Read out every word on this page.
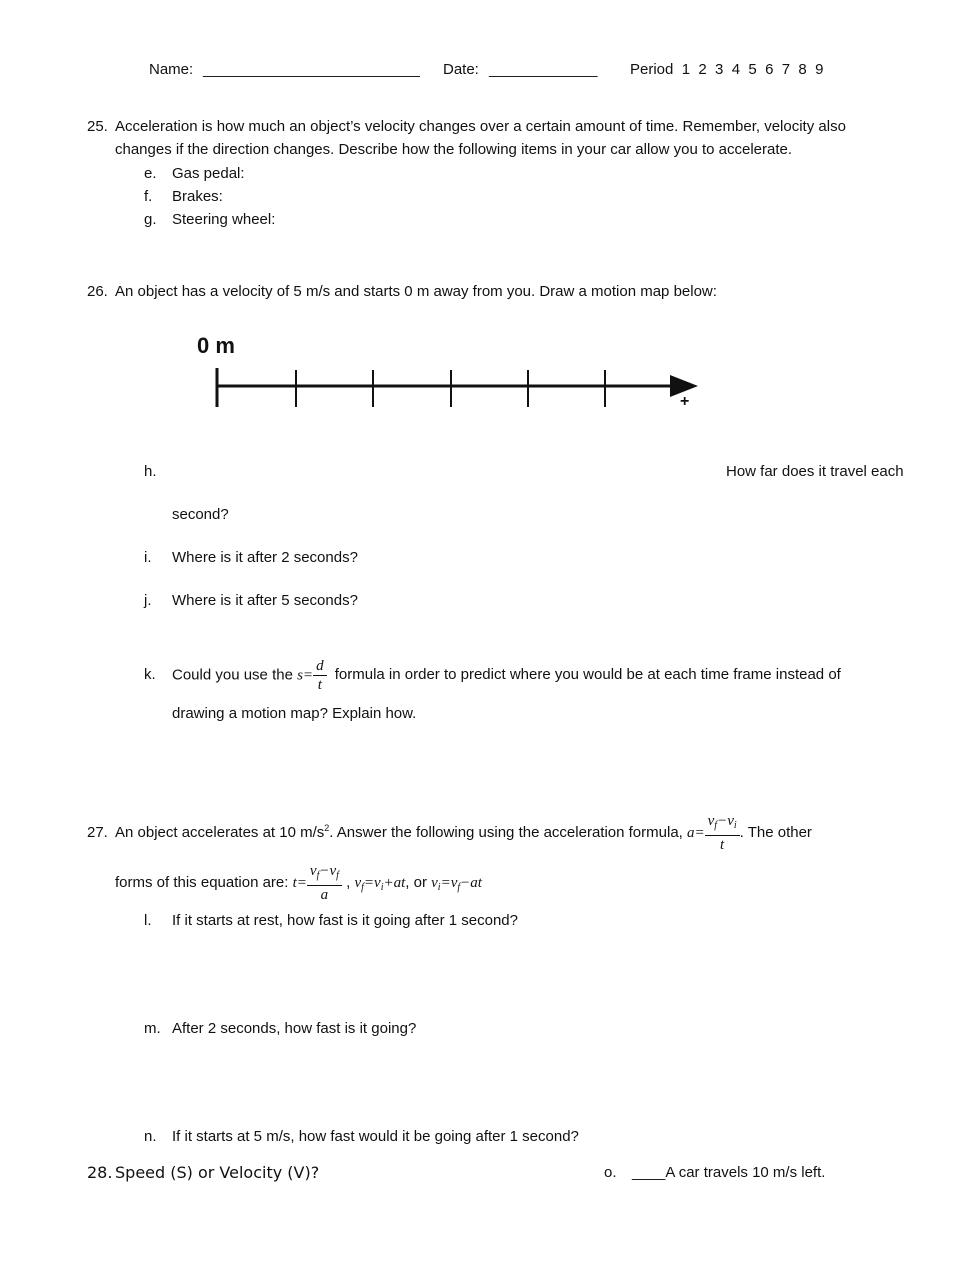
Name: __________________________ Date: _____________ Period  1  2  3  4  5  6  7  8  9
25. Acceleration is how much an object’s velocity changes over a certain amount of time. Remember, velocity also
changes if the direction changes. Describe how the following items in your car allow you to accelerate.
e. Gas pedal:
f. Brakes:
g. Steering wheel:
26. An object has a velocity of 5 m/s and starts 0 m away from you. Draw a motion map below:
0 m
+
h.	How far does it travel each
second?
i. Where is it after 2 seconds?
j. Where is it after 5 seconds?
k. Could you use the $s= \frac{d}{t}$ formula in order to predict where you would be at each time frame instead of
drawing a motion map? Explain how.
27. An object accelerates at 10 $m/s^2$. Answer the following using the acceleration formula, $a= \frac{v_f-v_i}{t}$ . The other
forms of this equation are: $t= \frac{v_f-v_f}{a}$ , $v_f=v_i+at$, or $v_i=v_f-at$
l. If it starts at rest, how fast is it going after 1 second?
m. After 2 seconds, how fast is it going?
n. If it starts at 5 m/s, how fast would it be going after 1 second?
28. Speed (S) or Velocity (V)?	o. ____A car travels 10 m/s left.
